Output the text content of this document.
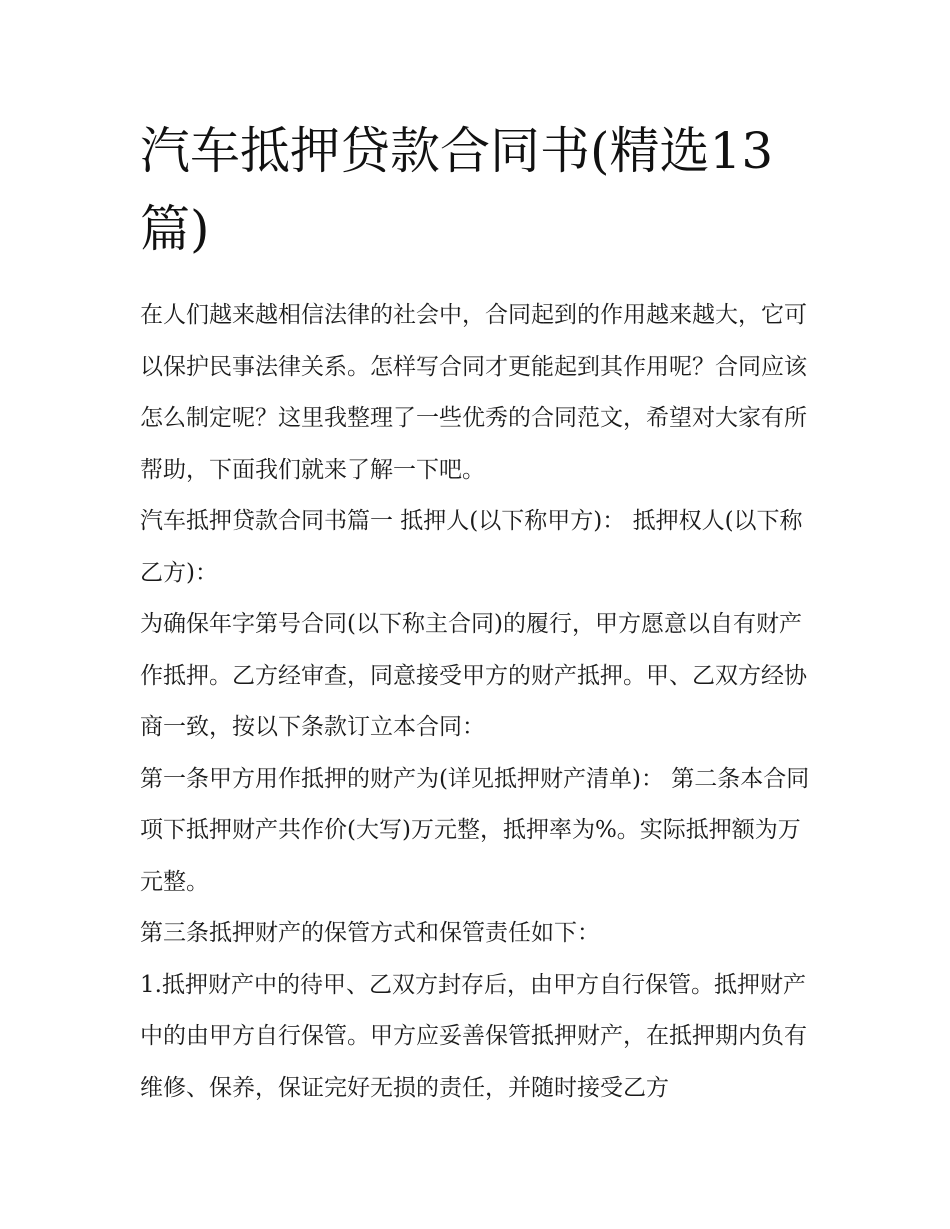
汽车抵押贷款合同书(精选13篇)

在人们越来越相信法律的社会中，合同起到的作用越来越大，它可以保护民事法律关系。怎样写合同才更能起到其作用呢？合同应该怎么制定呢？这里我整理了一些优秀的合同范文，希望对大家有所帮助，下面我们就来了解一下吧。

汽车抵押贷款合同书篇一 抵押人(以下称甲方)： 抵押权人(以下称乙方)：

为确保年字第号合同(以下称主合同)的履行，甲方愿意以自有财产作抵押。乙方经审查，同意接受甲方的财产抵押。甲、乙双方经协商一致，按以下条款订立本合同：

第一条甲方用作抵押的财产为(详见抵押财产清单)： 第二条本合同项下抵押财产共作价(大写)万元整，抵押率为%。实际抵押额为万元整。

第三条抵押财产的保管方式和保管责任如下：

1.抵押财产中的待甲、乙双方封存后，由甲方自行保管。抵押财产中的由甲方自行保管。甲方应妥善保管抵押财产，在抵押期内负有维修、保养，保证完好无损的责任，并随时接受乙方
